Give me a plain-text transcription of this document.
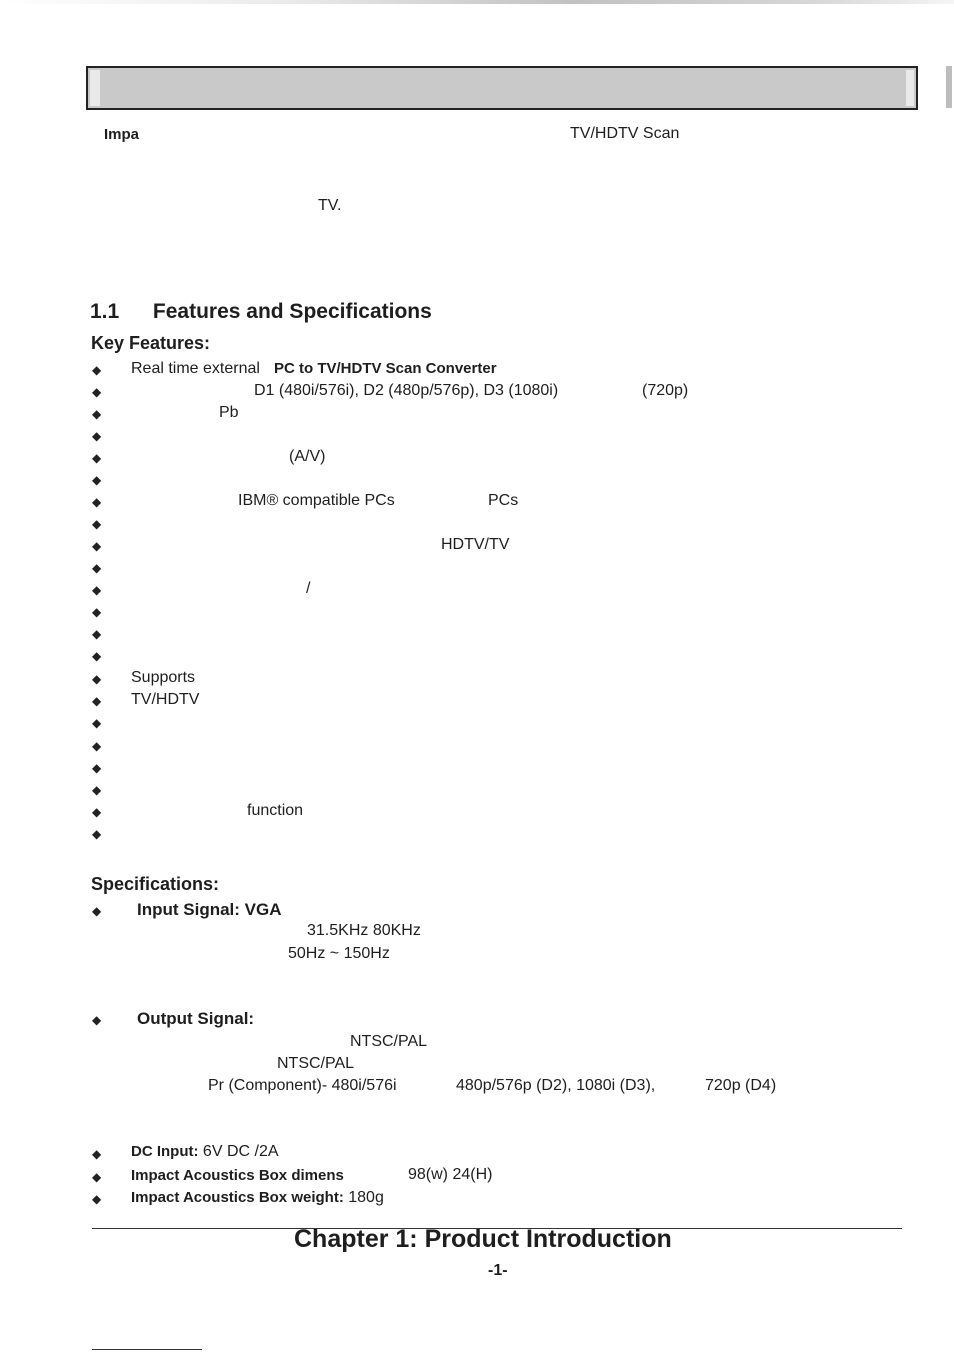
Impa	TV/HDTV Scan
TV.
1.1 Features and Specifications
Key Features:
◆ Real time external PC to TV/HDTV Scan Converter
◆	D1 (480i/576i), D2 (480p/576p), D3 (1080i)	(720p)
◆	Pb
◆
◆	(A/V)
◆
◆	IBM® compatible PCs	PCs
◆
◆	HDTV/TV
◆
◆	/
◆
◆
◆
◆ Supports
◆ TV/HDTV
◆
◆
◆
◆
◆	function
◆
Specifications:
◆ Input Signal: VGA
31.5KHz 80KHz
50Hz ~ 150Hz
◆ Output Signal:
NTSC/PAL
NTSC/PAL
Pr (Component)- 480i/576i	480p/576p (D2), 1080i (D3),	720p (D4)
◆ DC Input: 6V DC /2A
◆ Impact Acoustics Box dimens	98(w) 24(H)
◆ Impact Acoustics Box weight: 180g
Chapter 1: Product Introduction
-1-
